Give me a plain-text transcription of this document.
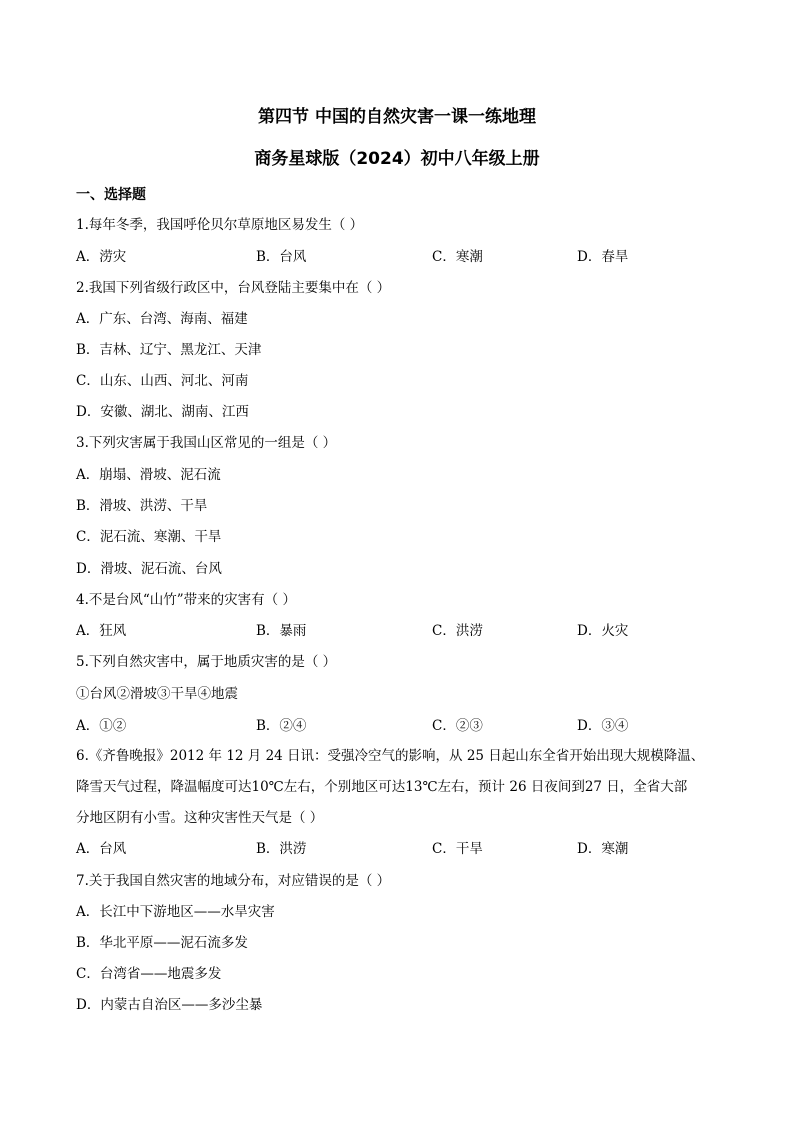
第四节 中国的自然灾害一课一练地理
商务星球版（2024）初中八年级上册
一、选择题
1.每年冬季，我国呼伦贝尔草原地区易发生（ ）
A．涝灾	B．台风	C．寒潮	D．春旱
2.我国下列省级行政区中，台风登陆主要集中在（ ）
A．广东、台湾、海南、福建
B．吉林、辽宁、黑龙江、天津
C．山东、山西、河北、河南
D．安徽、湖北、湖南、江西
3.下列灾害属于我国山区常见的一组是（ ）
A．崩塌、滑坡、泥石流
B．滑坡、洪涝、干旱
C．泥石流、寒潮、干旱
D．滑坡、泥石流、台风
4.不是台风“山竹”带来的灾害有（ ）
A．狂风	B．暴雨	C．洪涝	D．火灾
5.下列自然灾害中，属于地质灾害的是（ ）
①台风②滑坡③干旱④地震
A．①②	B．②④	C．②③	D．③④
6.《齐鲁晚报》2012 年 12 月 24 日讯：受强冷空气的影响，从 25 日起山东全省开始出现大规模降温、
降雪天气过程，降温幅度可达10℃左右，个别地区可达13℃左右，预计 26 日夜间到27 日，全省大部
分地区阴有小雪。这种灾害性天气是（ ）
A．台风	B．洪涝	C．干旱	D．寒潮
7.关于我国自然灾害的地域分布，对应错误的是（ ）
A．长江中下游地区——水旱灾害
B．华北平原——泥石流多发
C．台湾省——地震多发
D．内蒙古自治区——多沙尘暴
